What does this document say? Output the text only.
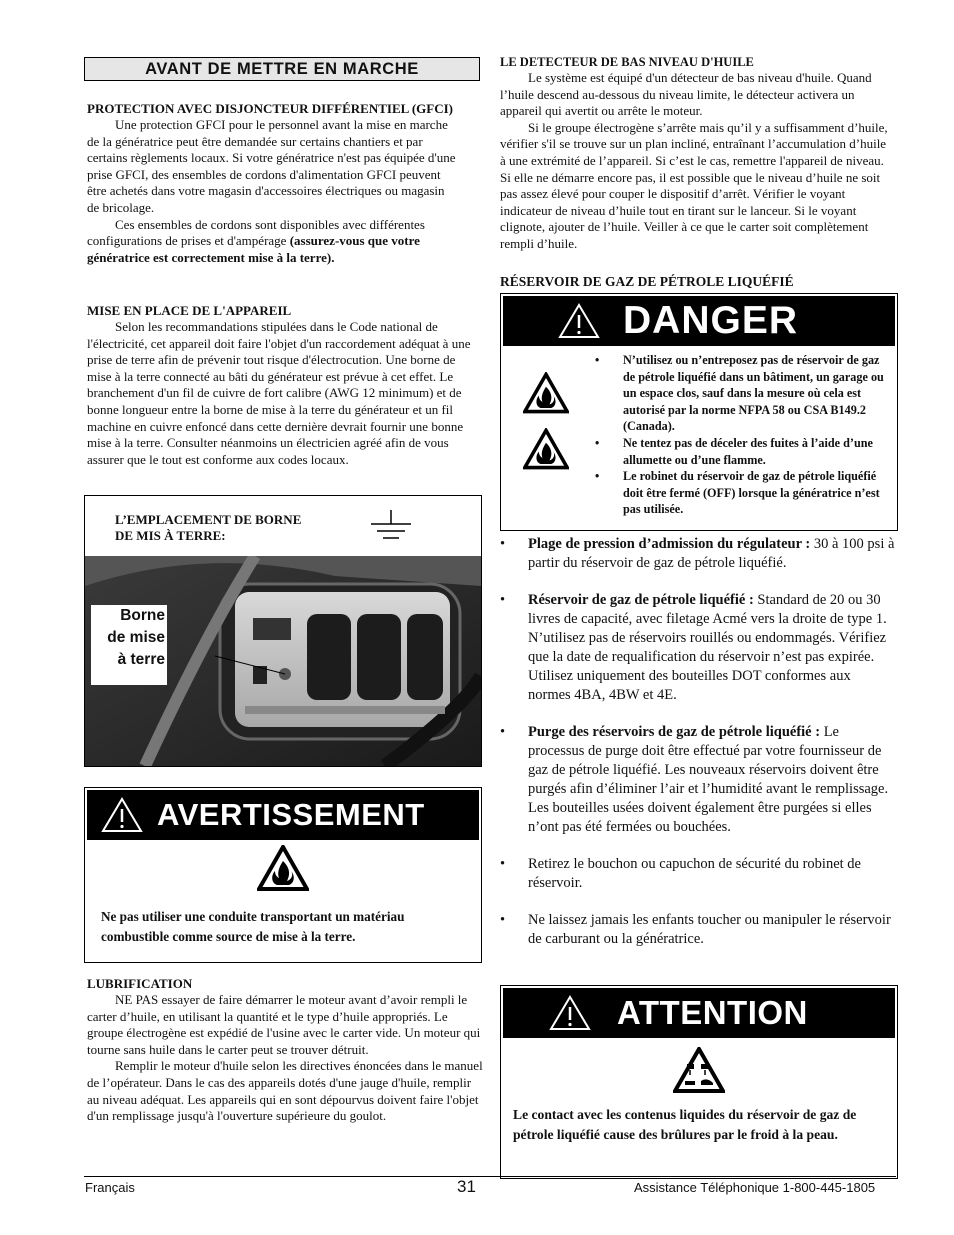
AVANT DE METTRE EN MARCHE
PROTECTION AVEC DISJONCTEUR DIFFÉRENTIEL (GFCI)

Une protection GFCI pour le personnel avant la mise en marche de la génératrice peut être demandée sur certains chantiers et par certains règlements locaux. Si votre génératrice n'est pas équipée d'une prise GFCI, des ensembles de cordons d'alimentation GFCI peuvent être achetés dans votre magasin d'accessoires électriques ou magasin de bricolage.

Ces ensembles de cordons sont disponibles avec différentes configurations de prises et d'ampérage (assurez-vous que votre génératrice est correctement mise à la terre).

MISE EN PLACE DE L'APPAREIL

Selon les recommandations stipulées dans le Code national de l'électricité, cet appareil doit faire l'objet d'un raccordement adéquat à une prise de terre afin de prévenir tout risque d'électrocution. Une borne de mise à la terre connecté au bâti du générateur est prévue à cet effet. Le branchement d'un fil de cuivre de fort calibre (AWG 12 minimum) et de bonne longueur entre la borne de mise à la terre du générateur et un fil machine en cuivre enfoncé dans cette dernière devrait fournir une bonne mise à la terre. Consulter néanmoins un électricien agréé afin de vous assurer que le tout est conforme aux codes locaux.

L’EMPLACEMENT DE BORNE
DE MIS À TERRE:
Borne
de mise
à terre
AVERTISSEMENT

Ne pas utiliser une conduite transportant un matériau combustible comme source de mise à la terre.

LUBRIFICATION

NE PAS essayer de faire démarrer le moteur avant d’avoir rempli le carter d’huile, en utilisant la quantité et le type d’huile appropriés. Le groupe électrogène est expédié de l'usine avec le carter vide. Un moteur qui tourne sans huile dans le carter peut se trouver détruit.

Remplir le moteur d'huile selon les directives énoncées dans le manuel de l’opérateur. Dans le cas des appareils dotés d'une jauge d'huile, remplir au niveau adéquat. Les appareils qui en sont dépourvus doivent faire l'objet d'un remplissage jusqu'à l'ouverture supérieure du goulot.

LE DETECTEUR DE BAS NIVEAU D'HUILE

Le système est équipé d'un détecteur de bas niveau d'huile. Quand l’huile descend au-dessous du niveau limite, le détecteur activera un appareil qui avertit ou arrête le moteur.

Si le groupe électrogène s’arrête mais qu’il y a suffisamment d’huile, vérifier s'il se trouve sur un plan incliné, entraînant l’accumulation d’huile à une extrémité de l’appareil. Si c’est le cas, remettre l'appareil de niveau. Si elle ne démarre encore pas, il est possible que le niveau d’huile ne soit pas assez élevé pour couper le dispositif d’arrêt. Vérifier le voyant indicateur de niveau d’huile tout en tirant sur le lanceur. Si le voyant clignote, ajouter de l’huile. Veiller à ce que le carter soit complètement rempli d’huile.

RÉSERVOIR DE GAZ DE PÉTROLE LIQUÉFIÉ
DANGER
• N’utilisez ou n’entreposez pas de réservoir de gaz de pétrole liquéfié dans un bâtiment, un garage ou un espace clos, sauf dans la mesure où cela est autorisé par la norme NFPA 58 ou CSA B149.2 (Canada).
• Ne tentez pas de déceler des fuites à l’aide d’une allumette ou d’une flamme.
• Le robinet du réservoir de gaz de pétrole liquéfié doit être fermé (OFF) lorsque la génératrice n’est pas utilisée.
• Plage de pression d’admission du régulateur : 30 à 100 psi à partir du réservoir de gaz de pétrole liquéfié.
• Réservoir de gaz de pétrole liquéfié : Standard de 20 ou 30 livres de capacité, avec filetage Acmé vers la droite de type 1. N’utilisez pas de réservoirs rouillés ou endommagés. Vérifiez que la date de requalification du réservoir n’est pas expirée. Utilisez uniquement des bouteilles DOT conformes aux normes 4BA, 4BW et 4E.
• Purge des réservoirs de gaz de pétrole liquéfié : Le processus de purge doit être effectué par votre fournisseur de gaz de pétrole liquéfié. Les nouveaux réservoirs doivent être purgés afin d’éliminer l’air et l’humidité avant le remplissage. Les bouteilles usées doivent également être purgées si elles n’ont pas été fermées ou bouchées.
• Retirez le bouchon ou capuchon de sécurité du robinet de réservoir.
• Ne laissez jamais les enfants toucher ou manipuler le réservoir de carburant ou la génératrice.
ATTENTION

Le contact avec les contenus liquides du réservoir de gaz de pétrole liquéfié cause des brûlures par le froid à la peau.

Français	31	Assistance Téléphonique 1-800-445-1805
